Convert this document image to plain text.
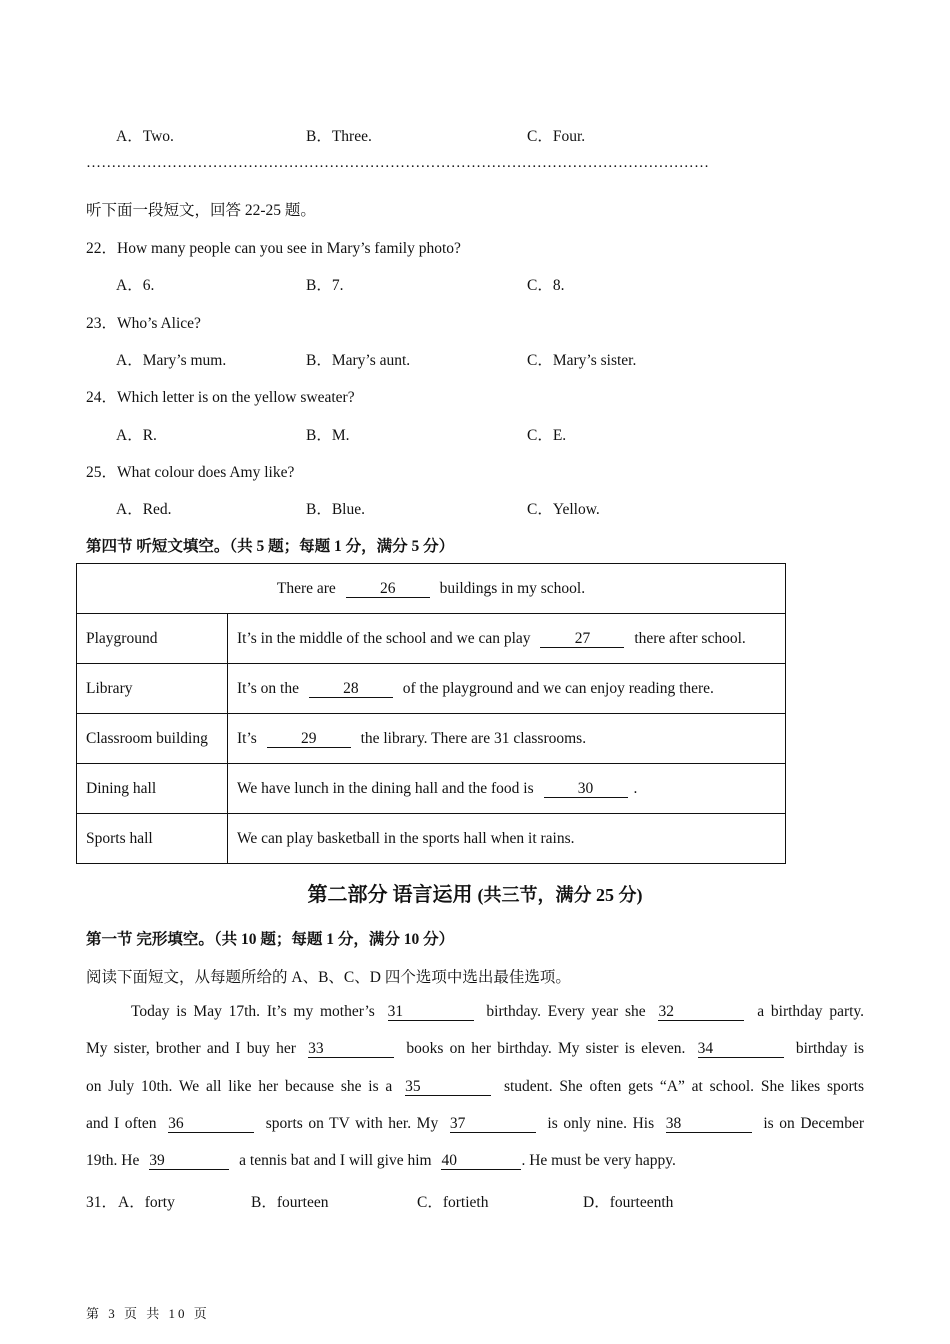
A．Two.	B．Three.	C．Four.
……………………………………………………………………………………………………………
听下面一段短文，回答 22-25 题。
22．How many people can you see in Mary’s family photo?
A．6.	B．7.	C．8.
23．Who’s Alice?
A．Mary’s mum.	B．Mary’s aunt.	C．Mary’s sister.
24．Which letter is on the yellow sweater?
A．R.	B．M.	C．E.
25．What colour does Amy like?
A．Red.	B．Blue.	C．Yellow.
第四节 听短文填空。（共 5 题；每题 1 分，满分 5 分）
There are 26 buildings in my school.	
Playground	It’s in the middle of the school and we can play 27 there after school.
Library	It’s on the 28 of the playground and we can enjoy reading there.
Classroom building	It’s 29 the library. There are 31 classrooms.
Dining hall	We have lunch in the dining hall and the food is 30 .
Sports hall	We can play basketball in the sports hall when it rains.
第二部分 语言运用 (共三节，满分 25 分)
第一节 完形填空。（共 10 题；每题 1 分，满分 10 分）
阅读下面短文，从每题所给的 A、B、C、D 四个选项中选出最佳选项。
Today is May 17th. It’s my mother’s 31	birthday. Every year she 32	a birthday party.
My sister, brother and I buy her 33	books on her birthday. My sister is eleven. 34	birthday is
on July 10th. We all like her because she is a 35	student. She often gets “A” at school. She likes sports
and I often 36	sports on TV with her. My 37	is only nine. His 38	is on December
19th. He 39	a tennis bat and I will give him 40	. He must be very happy.
31． A．forty	B．fourteen	C．fortieth	D．fourteenth
第 3 页 共 10 页
